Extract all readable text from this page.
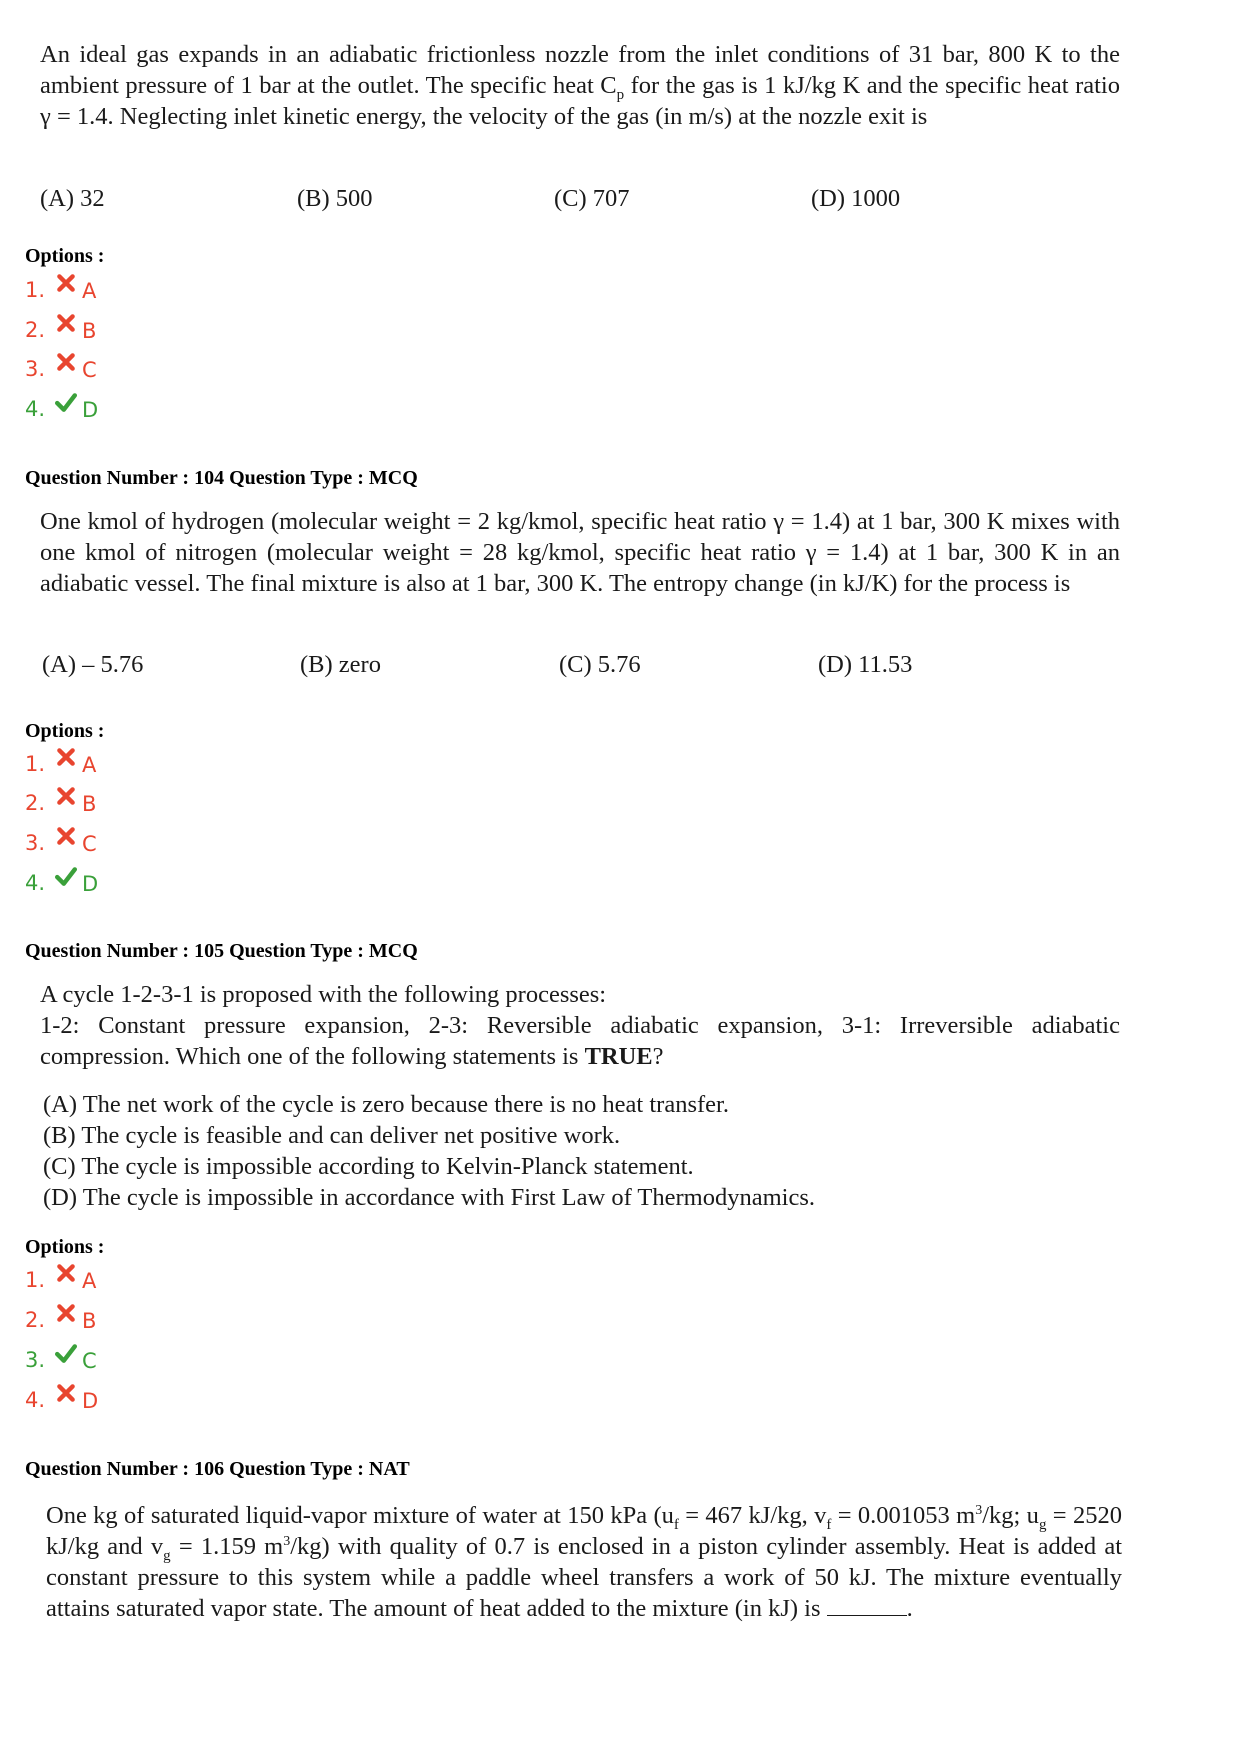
An ideal gas expands in an adiabatic frictionless nozzle from the inlet conditions of 31 bar, 800 K to the ambient pressure of 1 bar at the outlet. The specific heat $C_p$ for the gas is 1 kJ/kg K and the specific heat ratio γ = 1.4. Neglecting inlet kinetic energy, the velocity of the gas (in m/s) at the nozzle exit is

(A) 32	(B) 500	(C) 707	(D) 1000
Options :
1. A
2. B
3. C
4. D
Question Number : 104 Question Type : MCQ

One kmol of hydrogen (molecular weight = 2 kg/kmol, specific heat ratio γ = 1.4) at 1 bar, 300 K mixes with one kmol of nitrogen (molecular weight = 28 kg/kmol, specific heat ratio γ = 1.4) at 1 bar, 300 K in an adiabatic vessel. The final mixture is also at 1 bar, 300 K. The entropy change (in kJ/K) for the process is

(A) – 5.76	(B) zero	(C) 5.76	(D) 11.53
Options :
1. A
2. B
3. C
4. D
Question Number : 105 Question Type : MCQ

A cycle 1-2-3-1 is proposed with the following processes:

1-2: Constant pressure expansion, 2-3: Reversible adiabatic expansion, 3-1: Irreversible adiabatic compression. Which one of the following statements is TRUE?

(A) The net work of the cycle is zero because there is no heat transfer.
(B) The cycle is feasible and can deliver net positive work.
(C) The cycle is impossible according to Kelvin-Planck statement.
(D) The cycle is impossible in accordance with First Law of Thermodynamics.
Options :
1. A
2. B
3. C
4. D
Question Number : 106 Question Type : NAT

One kg of saturated liquid-vapor mixture of water at 150 kPa ($u_f = 467$ kJ/kg, $v_f = 0.001053$ $m^3/kg$; $u_g = 2520$ kJ/kg and $v_g = 1.159$ $m^3/kg$) with quality of 0.7 is enclosed in a piston cylinder assembly. Heat is added at constant pressure to this system while a paddle wheel transfers a work of 50 kJ. The mixture eventually attains saturated vapor state. The amount of heat added to the mixture (in kJ) is	.
